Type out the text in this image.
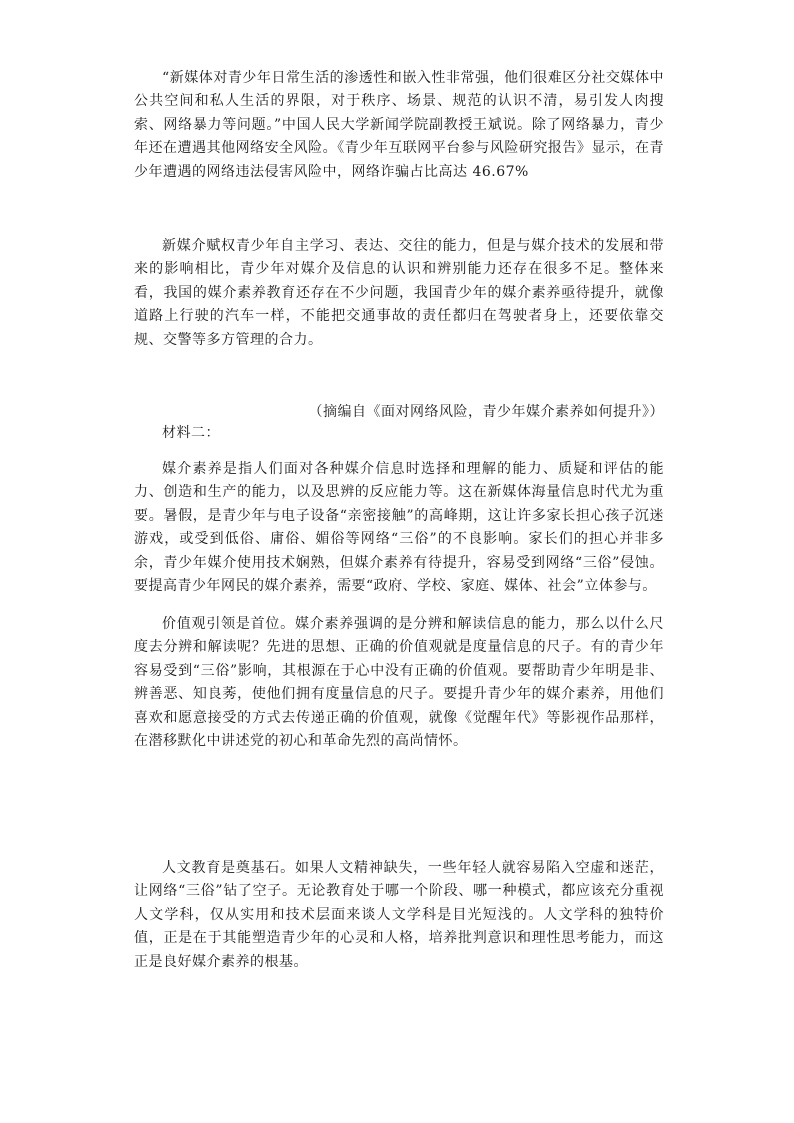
“新媒体对青少年日常生活的渗透性和嵌入性非常强，他们很难区分社交媒体中公共空间和私人生活的界限，对于秩序、场景、规范的认识不清，易引发人肉搜索、网络暴力等问题。”中国人民大学新闻学院副教授王斌说。除了网络暴力，青少年还在遭遇其他网络安全风险。《青少年互联网平台参与风险研究报告》显示，在青少年遭遇的网络违法侵害风险中，网络诈骗占比高达 46.67%

新媒介赋权青少年自主学习、表达、交往的能力，但是与媒介技术的发展和带来的影响相比，青少年对媒介及信息的认识和辨别能力还存在很多不足。整体来看，我国的媒介素养教育还存在不少问题，我国青少年的媒介素养亟待提升，就像道路上行驶的汽车一样，不能把交通事故的责任都归在驾驶者身上，还要依靠交规、交警等多方管理的合力。

（摘编自《面对网络风险，青少年媒介素养如何提升》）

材料二：

媒介素养是指人们面对各种媒介信息时选择和理解的能力、质疑和评估的能力、创造和生产的能力，以及思辨的反应能力等。这在新媒体海量信息时代尤为重要。暑假，是青少年与电子设备“亲密接触”的高峰期，这让许多家长担心孩子沉迷游戏，或受到低俗、庸俗、媚俗等网络“三俗”的不良影响。家长们的担心并非多余，青少年媒介使用技术娴熟，但媒介素养有待提升，容易受到网络“三俗”侵蚀。要提高青少年网民的媒介素养，需要“政府、学校、家庭、媒体、社会”立体参与。

价值观引领是首位。媒介素养强调的是分辨和解读信息的能力，那么以什么尺度去分辨和解读呢？先进的思想、正确的价值观就是度量信息的尺子。有的青少年容易受到“三俗”影响，其根源在于心中没有正确的价值观。要帮助青少年明是非、辨善恶、知良莠，使他们拥有度量信息的尺子。要提升青少年的媒介素养，用他们喜欢和愿意接受的方式去传递正确的价值观，就像《觉醒年代》等影视作品那样，在潜移默化中讲述党的初心和革命先烈的高尚情怀。

人文教育是奠基石。如果人文精神缺失，一些年轻人就容易陷入空虚和迷茫，让网络“三俗”钻了空子。无论教育处于哪一个阶段、哪一种模式，都应该充分重视人文学科，仅从实用和技术层面来谈人文学科是目光短浅的。人文学科的独特价值，正是在于其能塑造青少年的心灵和人格，培养批判意识和理性思考能力，而这正是良好媒介素养的根基。
